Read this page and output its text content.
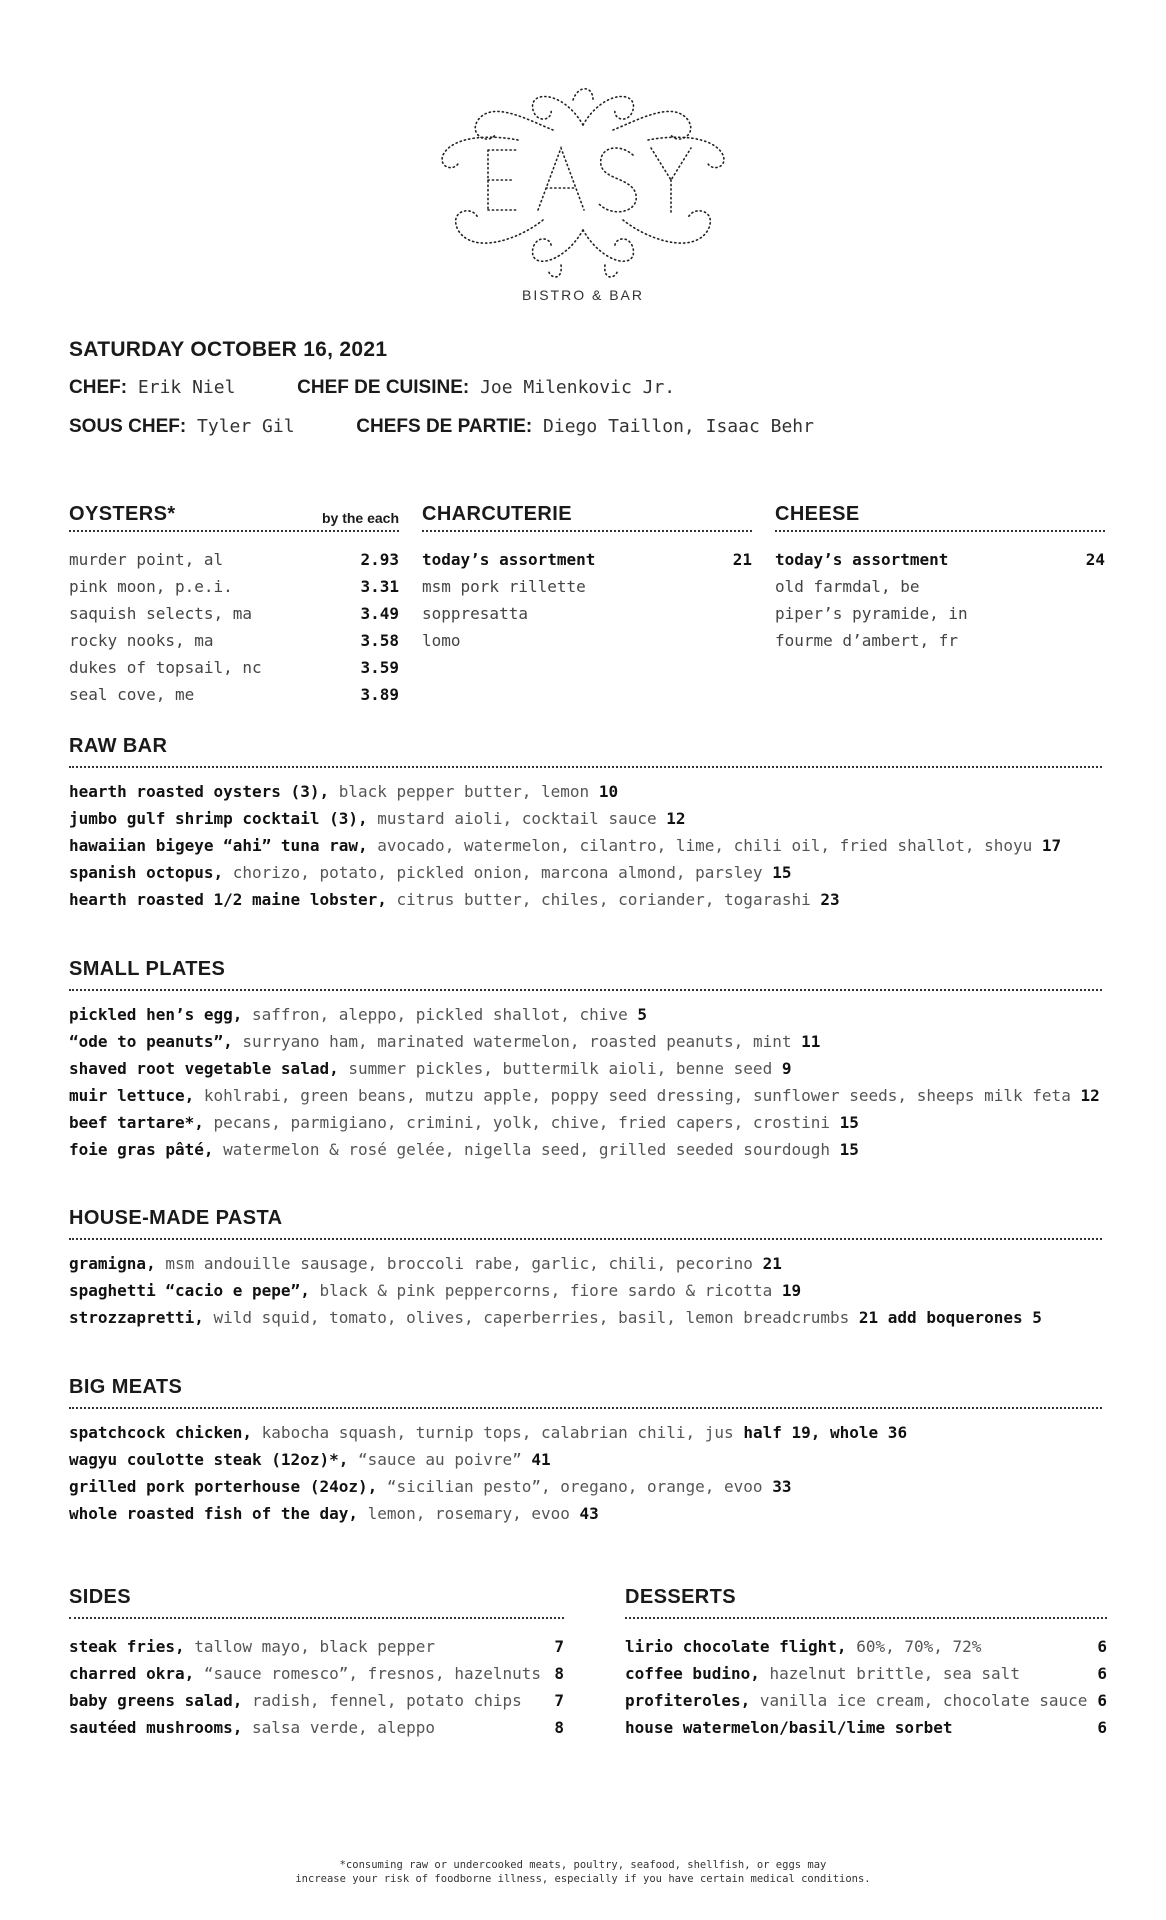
BISTRO & BAR
SATURDAY OCTOBER 16, 2021
CHEF: Erik Niel	CHEF DE CUISINE: Joe Milenkovic Jr.
SOUS CHEF: Tyler Gil	CHEFS DE PARTIE: Diego Taillon, Isaac Behr
OYSTERS*	by the each
murder point, al	2.93
pink moon, p.e.i.	3.31
saquish selects, ma	3.49
rocky nooks, ma	3.58
dukes of topsail, nc	3.59
seal cove, me	3.89
CHARCUTERIE
today’s assortment	21
msm pork rillette
soppresatta
lomo
CHEESE
today’s assortment	24
old farmdal, be
piper’s pyramide, in
fourme d’ambert, fr
RAW BAR
hearth roasted oysters (3), black pepper butter, lemon 10
jumbo gulf shrimp cocktail (3), mustard aioli, cocktail sauce 12
hawaiian bigeye “ahi” tuna raw, avocado, watermelon, cilantro, lime, chili oil, fried shallot, shoyu 17
spanish octopus, chorizo, potato, pickled onion, marcona almond, parsley 15
hearth roasted 1/2 maine lobster, citrus butter, chiles, coriander, togarashi 23
SMALL PLATES
pickled hen’s egg, saffron, aleppo, pickled shallot, chive 5
“ode to peanuts”, surryano ham, marinated watermelon, roasted peanuts, mint 11
shaved root vegetable salad, summer pickles, buttermilk aioli, benne seed 9
muir lettuce, kohlrabi, green beans, mutzu apple, poppy seed dressing, sunflower seeds, sheeps milk feta 12
beef tartare*, pecans, parmigiano, crimini, yolk, chive, fried capers, crostini 15
foie gras pâté, watermelon & rosé gelée, nigella seed, grilled seeded sourdough 15
HOUSE-MADE PASTA
gramigna, msm andouille sausage, broccoli rabe, garlic, chili, pecorino 21
spaghetti “cacio e pepe”, black & pink peppercorns, fiore sardo & ricotta 19
strozzapretti, wild squid, tomato, olives, caperberries, basil, lemon breadcrumbs 21 add boquerones 5
BIG MEATS
spatchcock chicken, kabocha squash, turnip tops, calabrian chili, jus half 19, whole 36
wagyu coulotte steak (12oz)*, “sauce au poivre” 41
grilled pork porterhouse (24oz), “sicilian pesto”, oregano, orange, evoo 33
whole roasted fish of the day, lemon, rosemary, evoo 43
SIDES
steak fries, tallow mayo, black pepper	7
charred okra, “sauce romesco”, fresnos, hazelnuts 8
baby greens salad, radish, fennel, potato chips 7
sautéed mushrooms, salsa verde, aleppo	8
DESSERTS
lirio chocolate flight, 60%, 70%, 72%	6
coffee budino, hazelnut brittle, sea salt	6
profiteroles, vanilla ice cream, chocolate sauce 6
house watermelon/basil/lime sorbet	6
*consuming raw or undercooked meats, poultry, seafood, shellfish, or eggs may
increase your risk of foodborne illness, especially if you have certain medical conditions.
